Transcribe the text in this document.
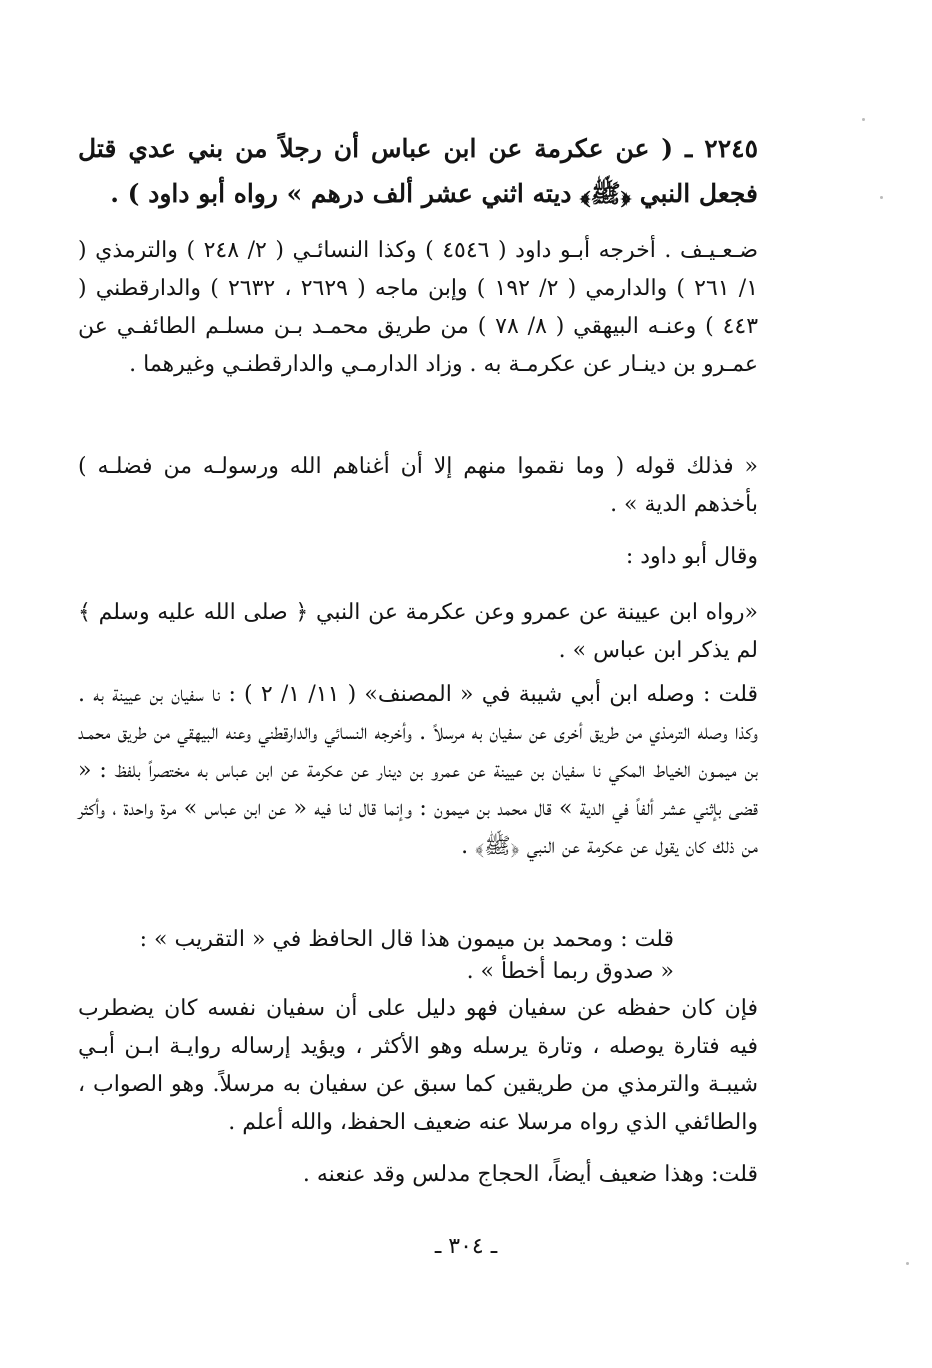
٢٢٤٥ ـ ( عن عكرمة عن ابن عباس أن رجلاً من بني عدي قتل فجعل النبي ﴿ﷺ﴾ ديته اثني عشر ألف درهم » رواه أبو داود ) .
ضـعـيـف . أخرجه أبـو داود ( ٤٥٤٦ ) وكذا النسائـي ( ٢/ ٢٤٨ ) والترمذي ( ١/ ٢٦١ ) والدارمي ( ٢/ ١٩٢ ) وإبن ماجه ( ٢٦٢٩ ، ٢٦٣٢ ) والدارقطني ( ٤٤٣ ) وعنـه البيهقي ( ٨/ ٧٨ ) من طريق محمـد بـن مسلـم الطائفـي عن عمـرو بن دينـار عن عكرمـة به . وزاد الدارمـي والدارقطنـي وغيرهما .
« فذلك قوله ( وما نقموا منهم إلا أن أغناهم الله ورسولـه من فضلـه ) بأخذهم الدية » .
وقال أبو داود :
«رواه ابن عيينة عن عمرو وعن عكرمة عن النبي ﴿ صلى الله عليه وسلم ﴾ لم يذكر ابن عباس » .
قلت : وصله ابن أبي شيبة في « المصنف» ( ١١/ ١/ ٢ ) : نا سفيان بن عيينة به . وكذا وصله الترمذي من طريق أخرى عن سفيان به مرسلاً . وأخرجه النسائي والدارقطني وعنه البيهقي من طريق محمـد بن ميمـون الخياط المكي نا سفيان بن عيينة عن عمرو بن دينار عن عكرمة عن ابن عباس به مختصراً بلفظ : « قضى بإثني عشر ألفاً في الدية » قال محمد بن ميمون : وإنما قال لنا فيه « عن ابن عباس » مرة واحدة ، وأكثر من ذلك كان يقول عن عكرمة عن النبي ﴿ﷺ﴾ .
قلت : ومحمد بن ميمون هذا قال الحافظ في « التقريب » :
« صدوق ربما أخطأ » .
فإن كان حفظه عن سفيان فهو دليل على أن سفيان نفسه كان يضطرب فيه فتارة يوصله ، وتارة يرسله وهو الأكثر ، ويؤيد إرساله روايـة ابـن أبـي شيبـة والترمذي من طريقين كما سبق عن سفيان به مرسلاً. وهو الصواب ، والطائفي الذي رواه مرسلا عنه ضعيف الحفظ، والله أعلم .
قلت: وهذا ضعيف أيضاً، الحجاج مدلس وقد عنعنه .
ـ ٣٠٤ ـ
